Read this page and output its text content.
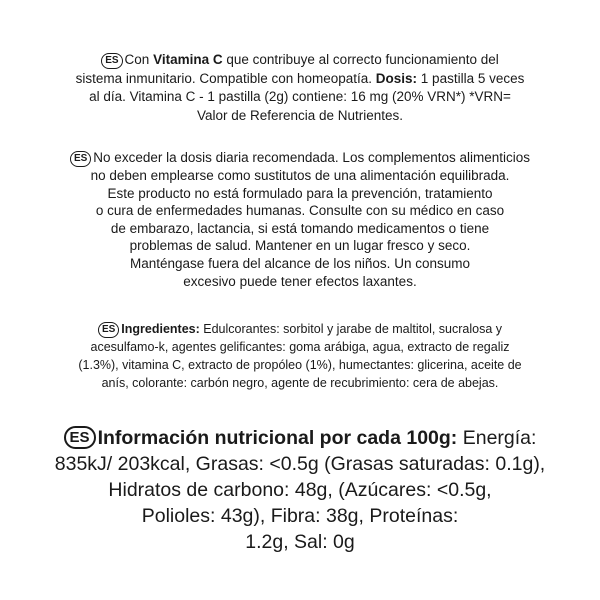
ES Con Vitamina C que contribuye al correcto funcionamiento del
sistema inmunitario. Compatible con homeopatía. Dosis: 1 pastilla 5 veces
al día. Vitamina C - 1 pastilla (2g) contiene: 16 mg (20% VRN*) *VRN=
Valor de Referencia de Nutrientes.
ES No exceder la dosis diaria recomendada. Los complementos alimenticios
no deben emplearse como sustitutos de una alimentación equilibrada.
Este producto no está formulado para la prevención, tratamiento
o cura de enfermedades humanas. Consulte con su médico en caso
de embarazo, lactancia, si está tomando medicamentos o tiene
problemas de salud. Mantener en un lugar fresco y seco.
Manténgase fuera del alcance de los niños. Un consumo
excesivo puede tener efectos laxantes.
ES Ingredientes: Edulcorantes: sorbitol y jarabe de maltitol, sucralosa y
acesulfamo-k, agentes gelificantes: goma arábiga, agua, extracto de regaliz
(1.3%), vitamina C, extracto de propóleo (1%), humectantes: glicerina, aceite de
anís, colorante: carbón negro, agente de recubrimiento: cera de abejas.
ES Información nutricional por cada 100g: Energía:
835kJ/ 203kcal, Grasas: <0.5g (Grasas saturadas: 0.1g),
Hidratos de carbono: 48g, (Azúcares: <0.5g,
Polioles: 43g), Fibra: 38g, Proteínas:
1.2g, Sal: 0g
